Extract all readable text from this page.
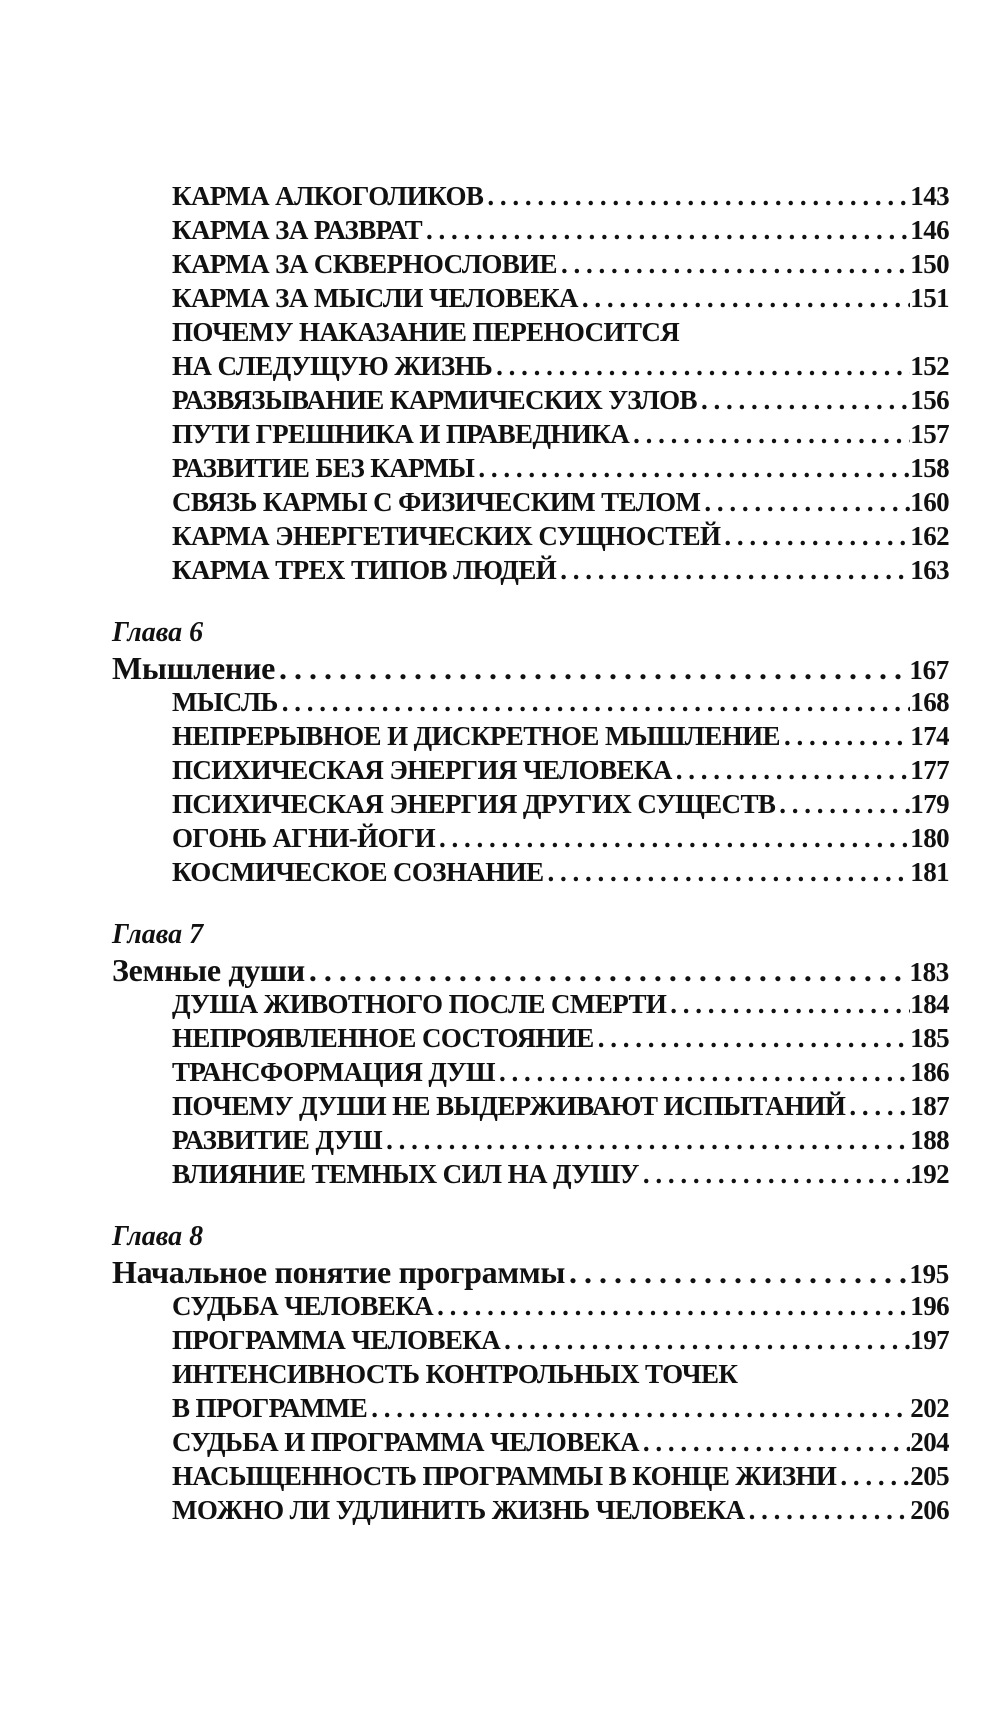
КАРМА АЛКОГОЛИКОВ . . .	143
КАРМА ЗА РАЗВРАТ . . .	146
КАРМА ЗА СКВЕРНОСЛОВИЕ . . .	150
КАРМА ЗА МЫСЛИ ЧЕЛОВЕКА . . .	151
ПОЧЕМУ НАКАЗАНИЕ ПЕРЕНОСИТСЯ
НА СЛЕДУЩУЮ ЖИЗНЬ . . .	152
РАЗВЯЗЫВАНИЕ КАРМИЧЕСКИХ УЗЛОВ . . .	156
ПУТИ ГРЕШНИКА И ПРАВЕДНИКА . . .	157
РАЗВИТИЕ БЕЗ КАРМЫ . . .	158
СВЯЗЬ КАРМЫ С ФИЗИЧЕСКИМ ТЕЛОМ . . .	160
КАРМА ЭНЕРГЕТИЧЕСКИХ СУЩНОСТЕЙ . . .	162
КАРМА ТРЕХ ТИПОВ ЛЮДЕЙ . . .	163
Глава 6
Мышление . . .	167
МЫСЛЬ . . .	168
НЕПРЕРЫВНОЕ И ДИСКРЕТНОЕ МЫШЛЕНИЕ . . .	174
ПСИХИЧЕСКАЯ ЭНЕРГИЯ ЧЕЛОВЕКА . . .	177
ПСИХИЧЕСКАЯ ЭНЕРГИЯ ДРУГИХ СУЩЕСТВ . . .	179
ОГОНЬ АГНИ-ЙОГИ . . .	180
КОСМИЧЕСКОЕ СОЗНАНИЕ . . .	181
Глава 7
Земные души . . .	183
ДУША ЖИВОТНОГО ПОСЛЕ СМЕРТИ . . .	184
НЕПРОЯВЛЕННОЕ СОСТОЯНИЕ . . .	185
ТРАНСФОРМАЦИЯ ДУШ . . .	186
ПОЧЕМУ ДУШИ НЕ ВЫДЕРЖИВАЮТ ИСПЫТАНИЙ . . . 187
РАЗВИТИЕ ДУШ . . .	188
ВЛИЯНИЕ ТЕМНЫХ СИЛ НА ДУШУ . . .	192
Глава 8
Начальное понятие программы . . .	195
СУДЬБА ЧЕЛОВЕКА . . .	196
ПРОГРАММА ЧЕЛОВЕКА . . .	197
ИНТЕНСИВНОСТЬ КОНТРОЛЬНЫХ ТОЧЕК
В ПРОГРАММЕ . . .	202
СУДЬБА И ПРОГРАММА ЧЕЛОВЕКА . . .	204
НАСЫЩЕННОСТЬ ПРОГРАММЫ В КОНЦЕ ЖИЗНИ . . .	205
МОЖНО ЛИ УДЛИНИТЬ ЖИЗНЬ ЧЕЛОВЕКА . . .	206
